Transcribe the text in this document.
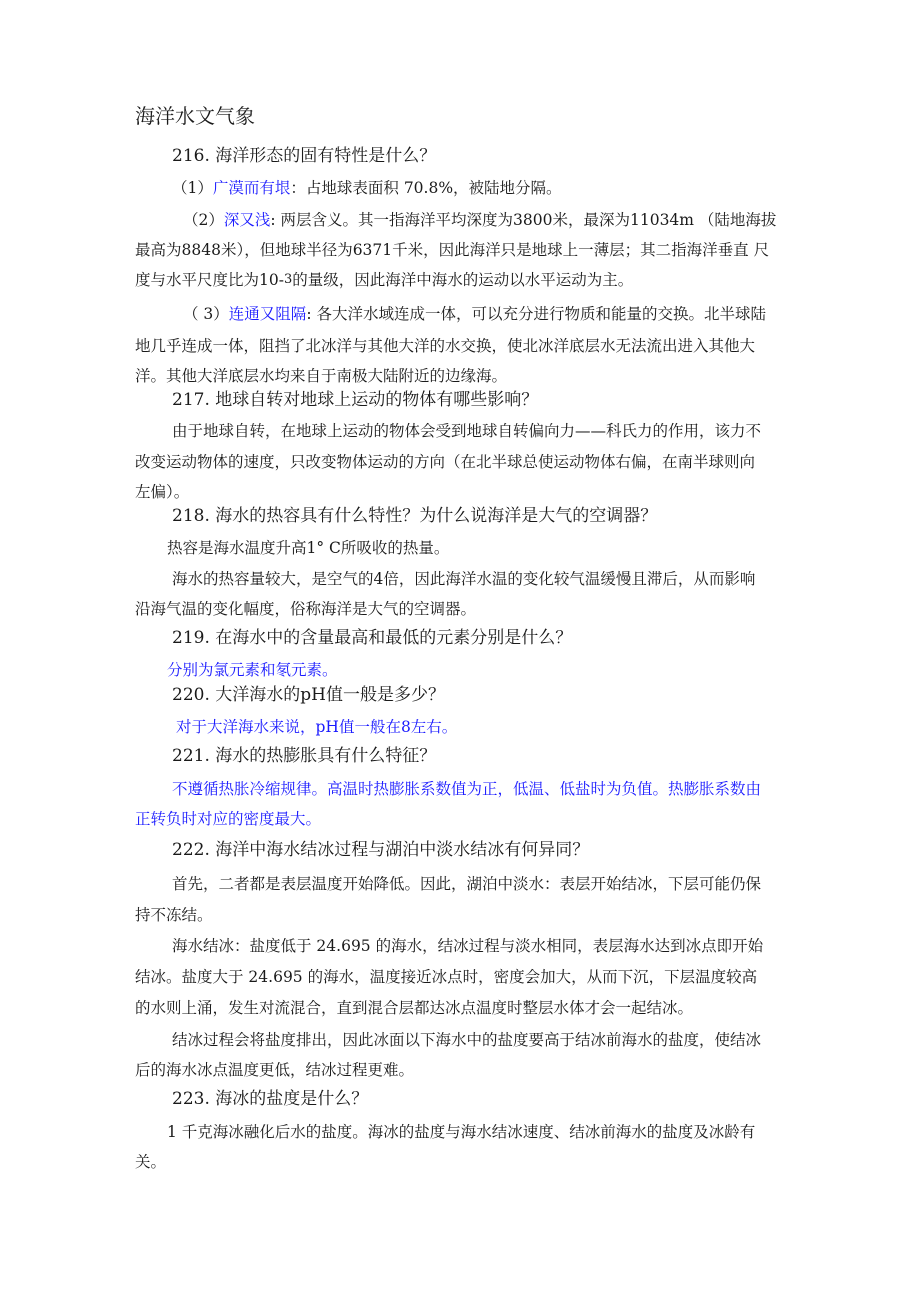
海洋水文气象
216. 海洋形态的固有特性是什么？
（1）广漠而有垠：占地球表面积 70.8%，被陆地分隔。
（2）深又浅: 两层含义。其一指海洋平均深度为3800米，最深为11034m （陆地海拔
最高为8848米），但地球半径为6371千米，因此海洋只是地球上一薄层；其二指海洋垂直 尺
度与水平尺度比为10-$^3$的量级，因此海洋中海水的运动以水平运动为主。
（ 3）连通又阻隔: 各大洋水域连成一体，可以充分进行物质和能量的交换。北半球陆
地几乎连成一体，阻挡了北冰洋与其他大洋的水交换，使北冰洋底层水无法流出进入其他大
洋。其他大洋底层水均来自于南极大陆附近的边缘海。
217. 地球自转对地球上运动的物体有哪些影响？
由于地球自转，在地球上运动的物体会受到地球自转偏向力——科氏力的作用，该力不
改变运动物体的速度，只改变物体运动的方向（在北半球总使运动物体右偏，在南半球则向
左偏）。
218. 海水的热容具有什么特性？为什么说海洋是大气的空调器？
热容是海水温度升高1° C所吸收的热量。
海水的热容量较大，是空气的4倍，因此海洋水温的变化较气温缓慢且滞后，从而影响
沿海气温的变化幅度，俗称海洋是大气的空调器。
219. 在海水中的含量最高和最低的元素分别是什么？
分别为氯元素和氡元素。
220. 大洋海水的pH值一般是多少？
对于大洋海水来说，pH值一般在8左右。
221. 海水的热膨胀具有什么特征？
不遵循热胀冷缩规律。高温时热膨胀系数值为正，低温、低盐时为负值。热膨胀系数由
正转负时对应的密度最大。
222. 海洋中海水结冰过程与湖泊中淡水结冰有何异同？
首先，二者都是表层温度开始降低。因此，湖泊中淡水：表层开始结冰，下层可能仍保
持不冻结。
海水结冰：盐度低于 24.695 的海水，结冰过程与淡水相同，表层海水达到冰点即开始
结冰。盐度大于 24.695 的海水，温度接近冰点时，密度会加大，从而下沉，下层温度较高
的水则上涌，发生对流混合，直到混合层都达冰点温度时整层水体才会一起结冰。
结冰过程会将盐度排出，因此冰面以下海水中的盐度要高于结冰前海水的盐度，使结冰
后的海水冰点温度更低，结冰过程更难。
223. 海冰的盐度是什么？
1 千克海冰融化后水的盐度。海冰的盐度与海水结冰速度、结冰前海水的盐度及冰龄有
关。
